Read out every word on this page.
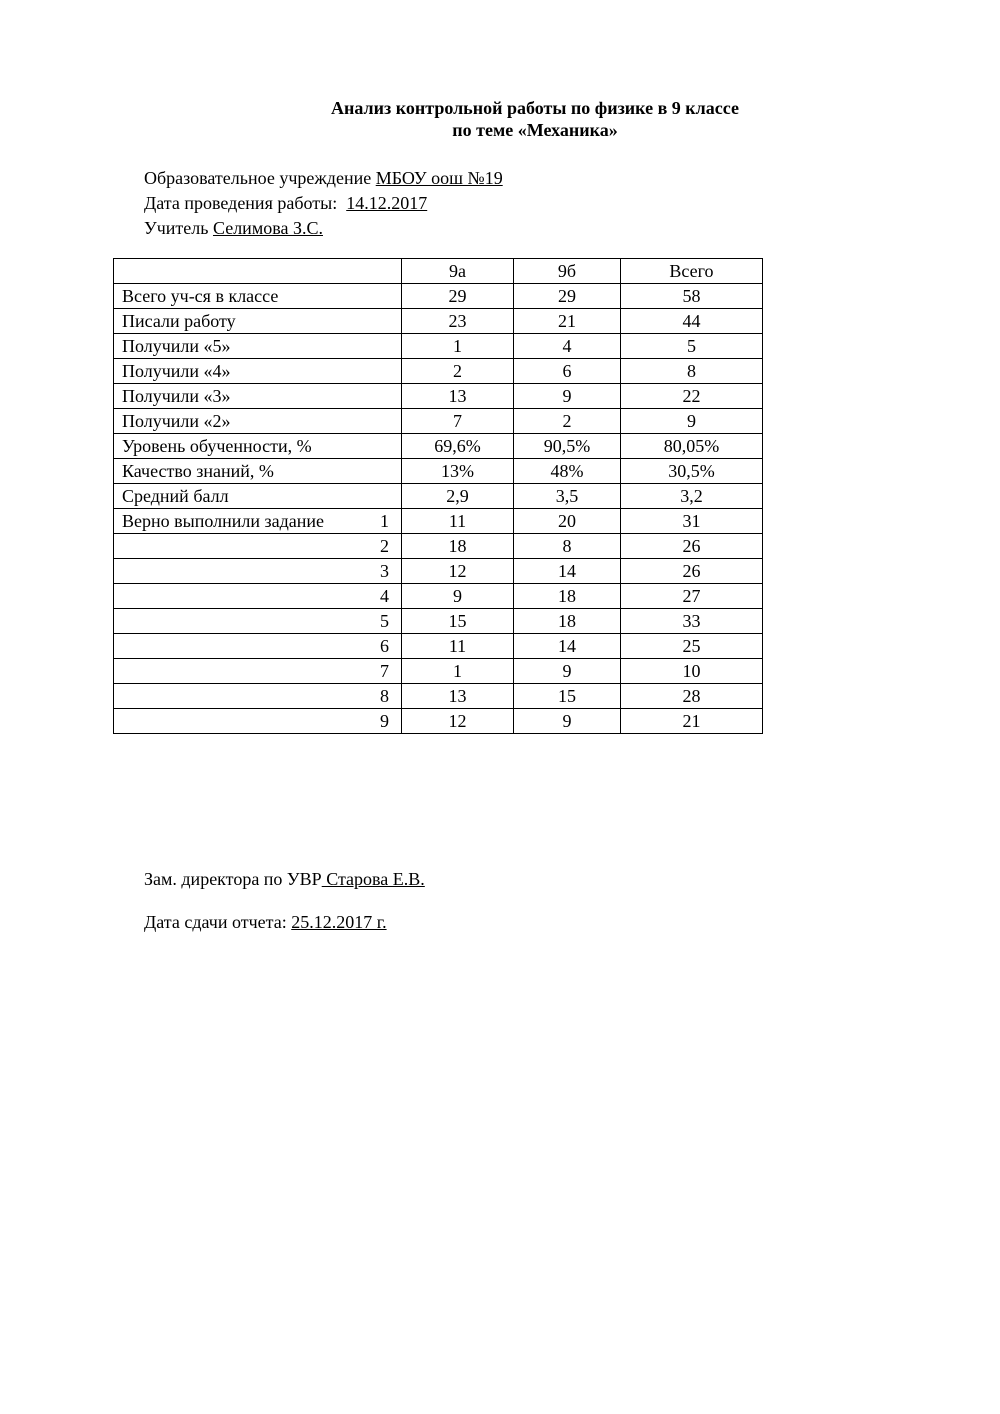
Анализ контрольной работы по физике в 9 классе
по теме «Механика»
Образовательное учреждение МБОУ оош №19
Дата проведения работы:  14.12.2017
Учитель Селимова З.С.
	9а	9б	Всего
Всего уч-ся в классе	29	29	58
Писали работу	23	21	44
Получили «5»	1	4	5
Получили «4»	2	6	8
Получили «3»	13	9	22
Получили «2»	7	2	9
Уровень обученности, %	69,6%	90,5%	80,05%
Качество знаний, %	13%	48%	30,5%
Средний балл	2,9	3,5	3,2
Верно выполнили задание 1	11	20	31

2	18	8	26

3	12	14	26

4	9	18	27

5	15	18	33

6	11	14	25

7	1	9	10

8	13	15	28

9	12	9	21
Зам. директора по УВР Старова Е.В.
Дата сдачи отчета: 25.12.2017 г.
